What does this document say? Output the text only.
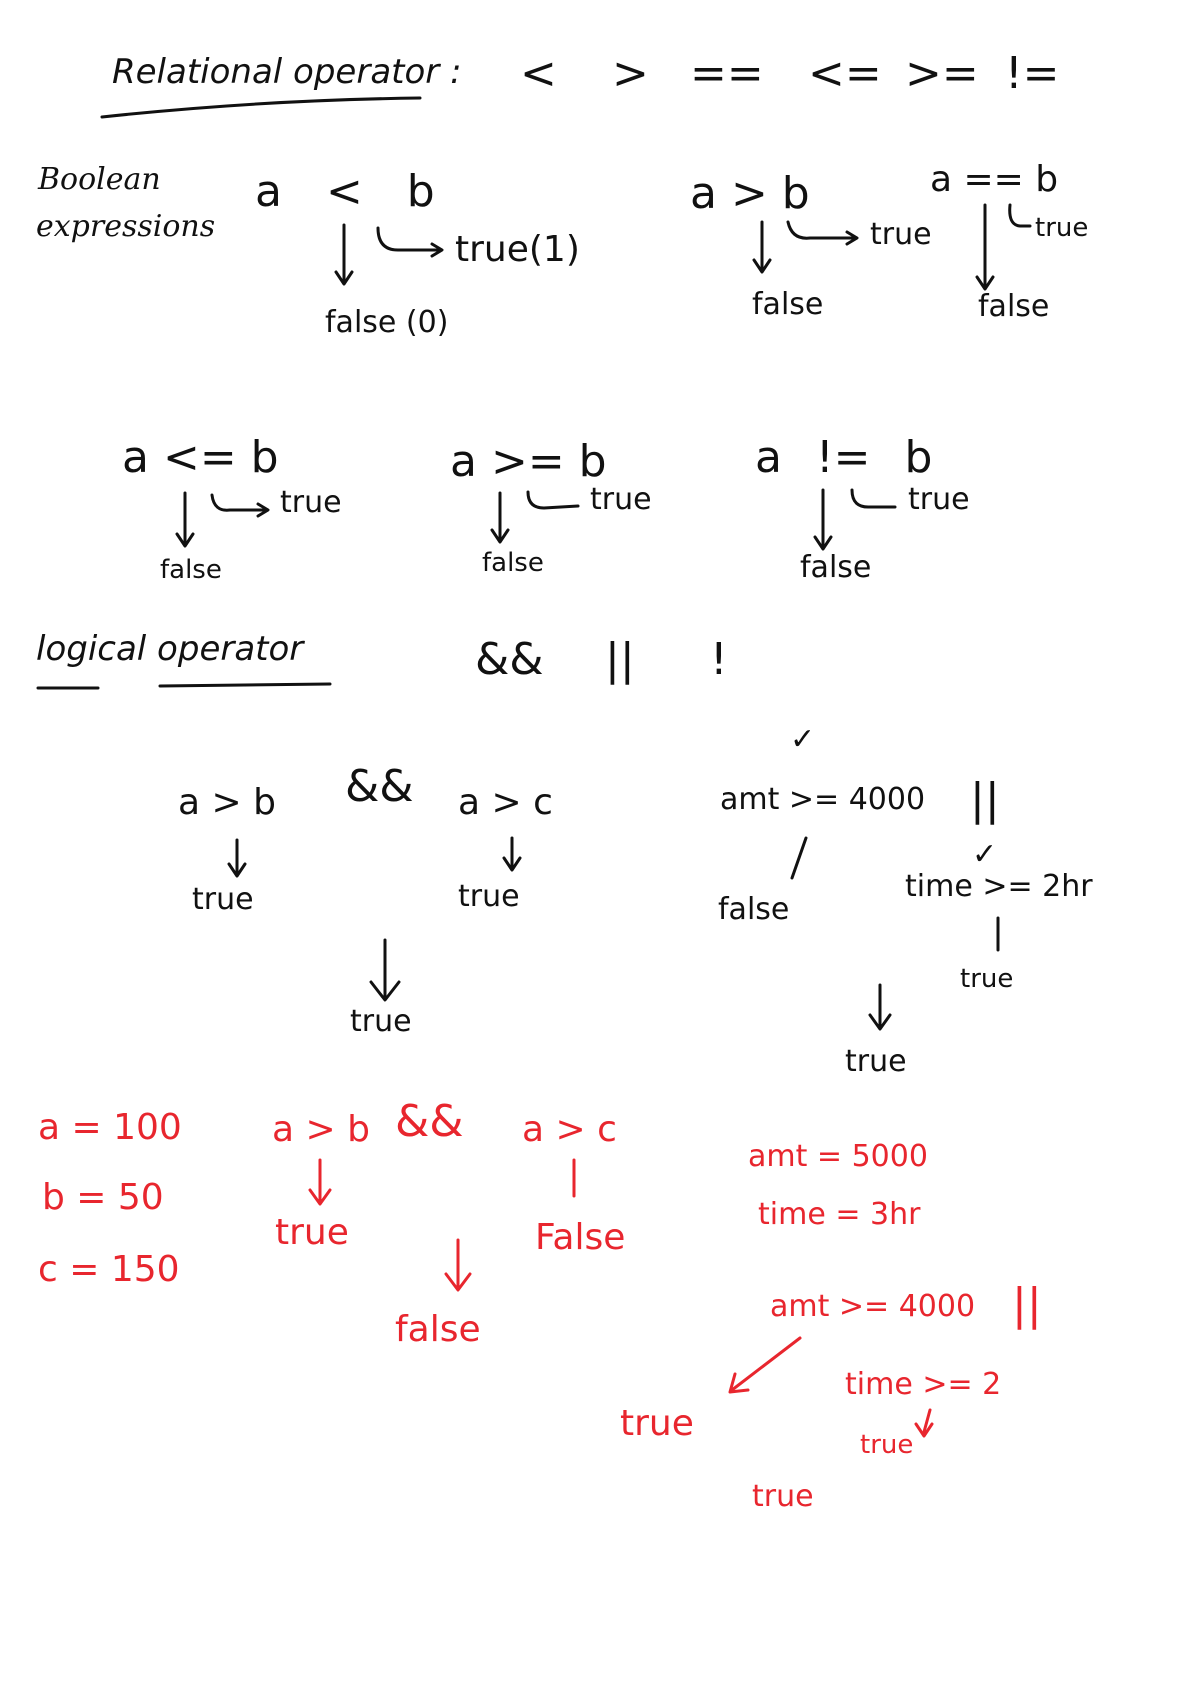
Relational operator : < > == <= >= !=
Boolean
expressions
a < b
true(1)
false (0)
a > b
true
false
a == b
true
false
a <= b
true
false
a >= b
true
false
a != b
true
false
logical operator	&& || !
a > b && a > c
true	true
true
✓
amt >= 4000 ||
false
✓
time >= 2hr
true
true
a = 100
b = 50
c = 150
a > b && a > c
true	False
false
amt = 5000
time = 3hr
amt >= 4000 ||
time >= 2
true
true
true
